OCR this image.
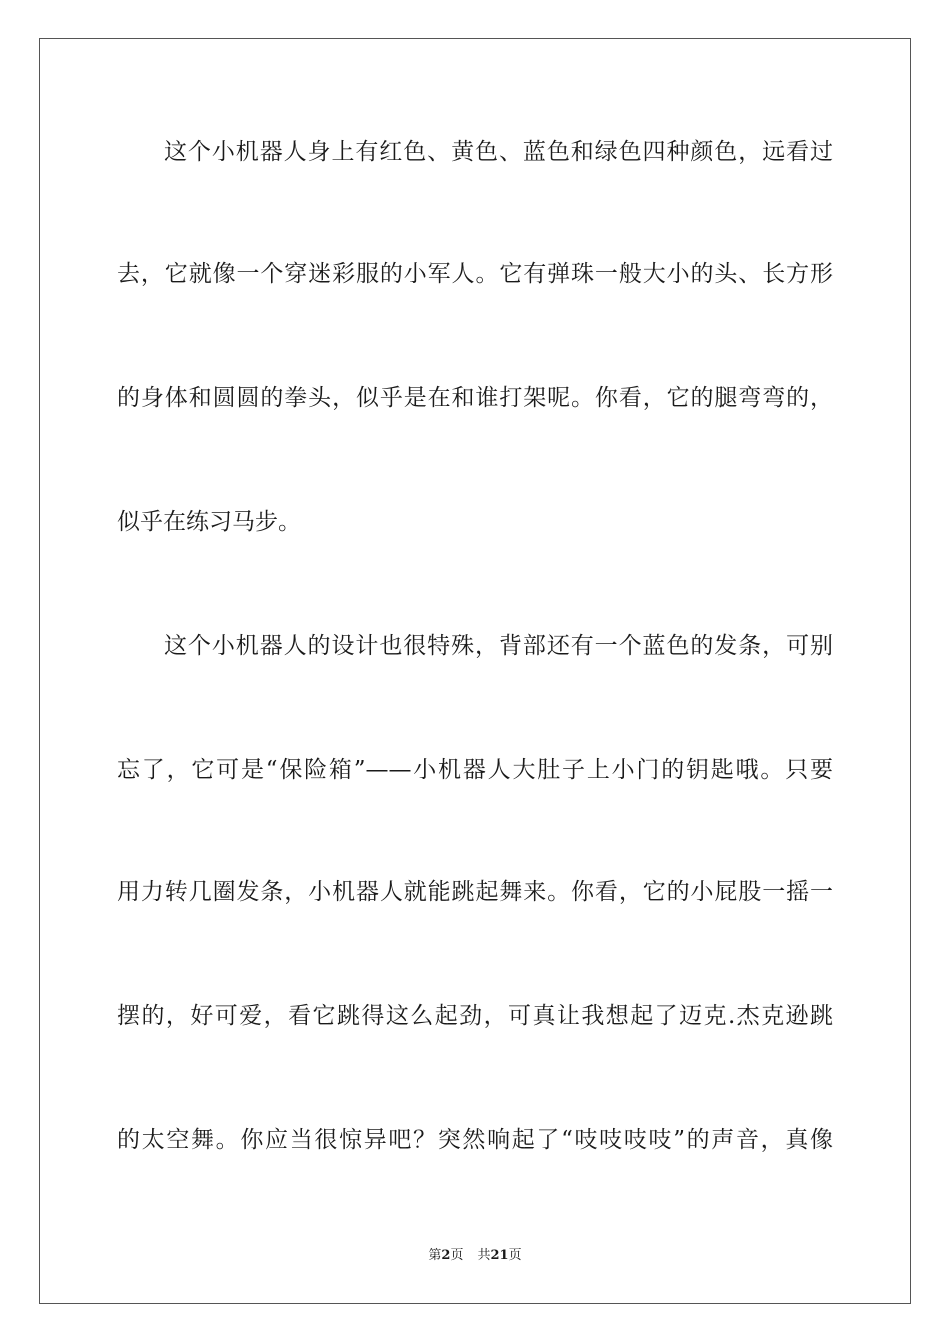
这个小机器人身上有红色、黄色、蓝色和绿色四种颜色，远看过
去，它就像一个穿迷彩服的小军人。它有弹珠一般大小的头、长方形
的身体和圆圆的拳头，似乎是在和谁打架呢。你看，它的腿弯弯的，
似乎在练习马步。
这个小机器人的设计也很特殊，背部还有一个蓝色的发条，可别
忘了，它可是“保险箱”——小机器人大肚子上小门的钥匙哦。只要
用力转几圈发条，小机器人就能跳起舞来。你看，它的小屁股一摇一
摆的，好可爱，看它跳得这么起劲，可真让我想起了迈克.杰克逊跳
的太空舞。你应当很惊异吧？突然响起了“吱吱吱吱”的声音，真像
第2页 共21页
